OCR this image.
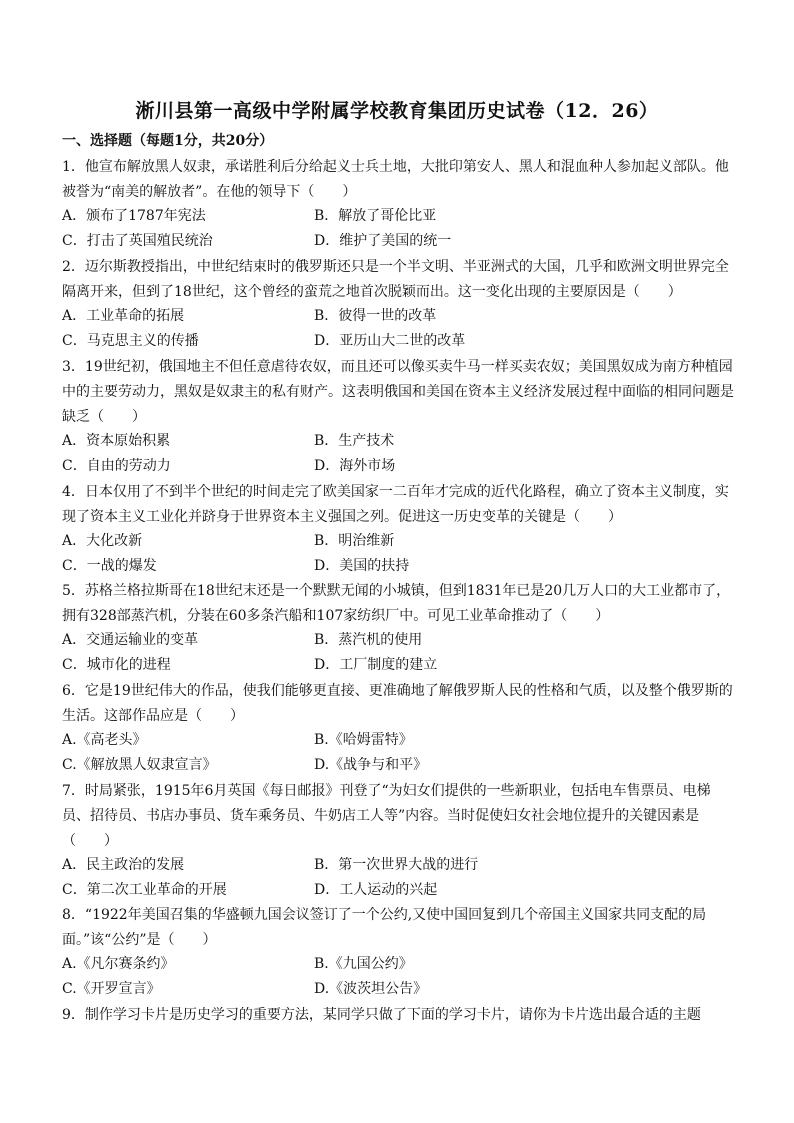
淅川县第一高级中学附属学校教育集团历史试卷（12．26）
一、选择题（每题1分，共20分）
1．他宣布解放黑人奴隶，承诺胜利后分给起义士兵土地，大批印第安人、黑人和混血种人参加起义部队。他被誉为“南美的解放者”。在他的领导下（　　）
A．颁布了1787年宪法	B．解放了哥伦比亚
C．打击了英国殖民统治	D．维护了美国的统一
2．迈尔斯教授指出，中世纪结束时的俄罗斯还只是一个半文明、半亚洲式的大国，几乎和欧洲文明世界完全隔离开来，但到了18世纪，这个曾经的蛮荒之地首次脱颖而出。这一变化出现的主要原因是（　　）
A．工业革命的拓展	B．彼得一世的改革
C．马克思主义的传播	D．亚历山大二世的改革
3．19世纪初，俄国地主不但任意虐待农奴，而且还可以像买卖牛马一样买卖农奴；美国黑奴成为南方种植园中的主要劳动力，黑奴是奴隶主的私有财产。这表明俄国和美国在资本主义经济发展过程中面临的相同问题是缺乏（　　）
A．资本原始积累	B．生产技术
C．自由的劳动力	D．海外市场
4．日本仅用了不到半个世纪的时间走完了欧美国家一二百年才完成的近代化路程，确立了资本主义制度，实现了资本主义工业化并跻身于世界资本主义强国之列。促进这一历史变革的关键是（　　）
A．大化改新	B．明治维新
C．一战的爆发	D．美国的扶持
5．苏格兰格拉斯哥在18世纪末还是一个默默无闻的小城镇，但到1831年已是20几万人口的大工业都市了，拥有328部蒸汽机，分装在60多条汽船和107家纺织厂中。可见工业革命推动了（　　）
A．交通运输业的变革	B．蒸汽机的使用
C．城市化的进程	D．工厂制度的建立
6．它是19世纪伟大的作品，使我们能够更直接、更准确地了解俄罗斯人民的性格和气质，以及整个俄罗斯的生活。这部作品应是（　　）
A.《高老头》	B.《哈姆雷特》
C.《解放黑人奴隶宣言》	D.《战争与和平》
7．时局紧张，1915年6月英国《每日邮报》刊登了“为妇女们提供的一些新职业，包括电车售票员、电梯员、招待员、书店办事员、货车乘务员、牛奶店工人等”内容。当时促使妇女社会地位提升的关键因素是（　　）
A．民主政治的发展	B．第一次世界大战的进行
C．第二次工业革命的开展	D．工人运动的兴起
8．“1922年美国召集的华盛顿九国会议签订了一个公约,又使中国回复到几个帝国主义国家共同支配的局面。”该“公约”是（　　）
A.《凡尔赛条约》	B.《九国公约》
C.《开罗宣言》	D.《波茨坦公告》
9．制作学习卡片是历史学习的重要方法，某同学只做了下面的学习卡片，请你为卡片选出最合适的主题
